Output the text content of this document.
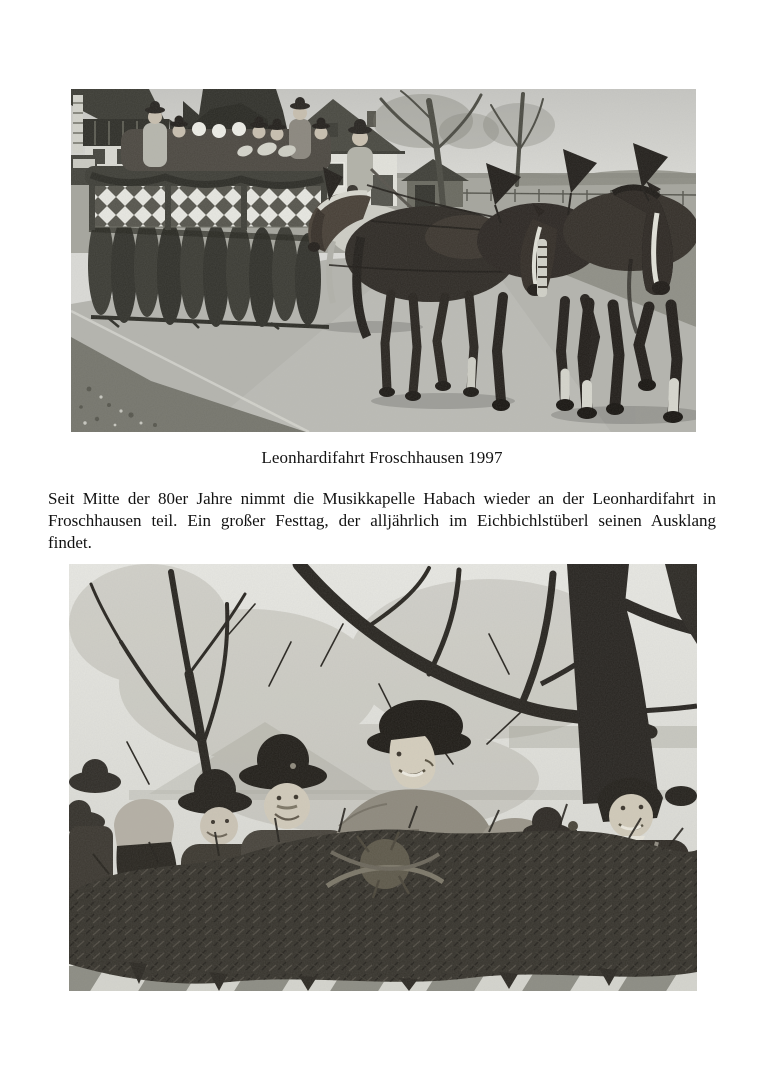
Leonhardifahrt Froschhausen 1997
Seit Mitte der 80er Jahre nimmt die Musikkapelle Habach wieder an der Leonhardifahrt in
Froschhausen teil. Ein großer Festtag, der alljährlich im Eichbichlstüberl seinen Ausklang
findet.
